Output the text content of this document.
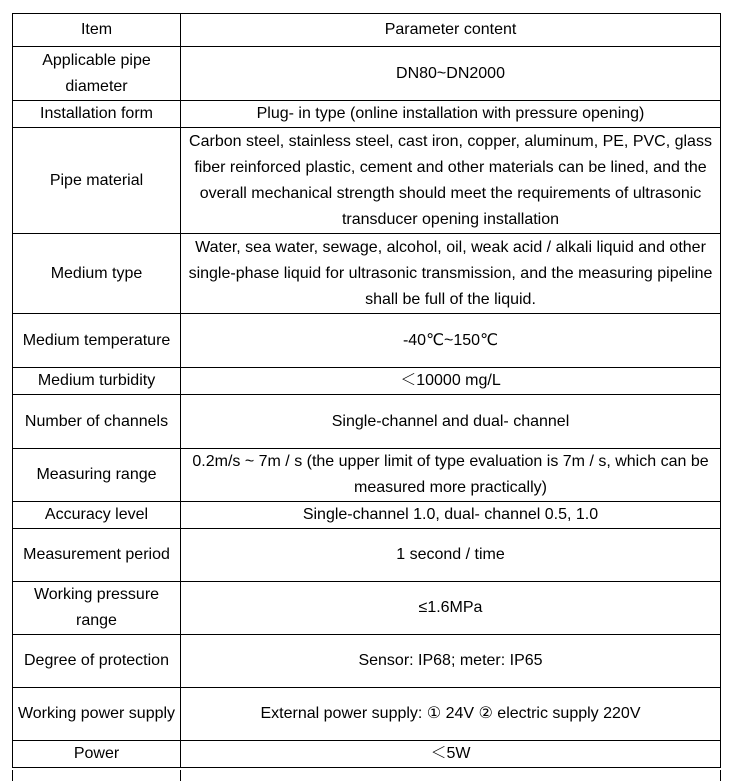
Item	Parameter content
Applicable pipe diameter	DN80~DN2000
Installation form	Plug- in type (online installation with pressure opening)
Pipe material	Carbon steel, stainless steel, cast iron, copper, aluminum, PE, PVC, glass fiber reinforced plastic, cement and other materials can be lined, and the overall mechanical strength should meet the requirements of ultrasonic transducer opening installation
Medium type	Water, sea water, sewage, alcohol, oil, weak acid / alkali liquid and other single-phase liquid for ultrasonic transmission, and the measuring pipeline shall be full of the liquid.
Medium temperature	-40℃~150℃
Medium turbidity	＜10000 mg/L
Number of channels	Single-channel and dual- channel
Measuring range	0.2m/s ~ 7m / s (the upper limit of type evaluation is 7m / s, which can be measured more practically)
Accuracy level	Single-channel 1.0, dual- channel 0.5, 1.0
Measurement period	1 second / time
Working pressure range	≤1.6MPa
Degree of protection	Sensor: IP68; meter: IP65
Working power supply	External power supply: ① 24V ② electric supply 220V
Power	＜5W
